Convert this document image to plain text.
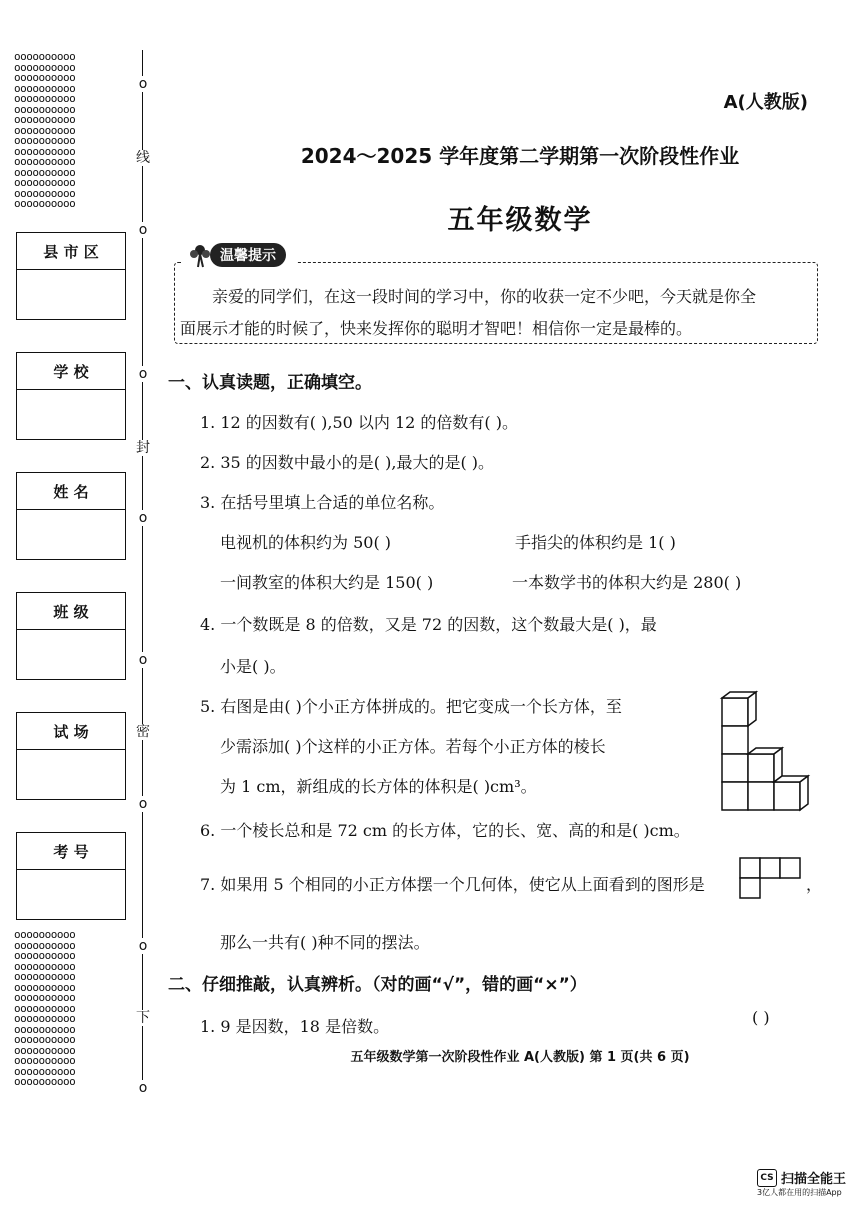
oooooooooo
oooooooooo
oooooooooo
oooooooooo
oooooooooo
oooooooooo
oooooooooo
oooooooooo
oooooooooo
oooooooooo
oooooooooo
oooooooooo
oooooooooo
oooooooooo
oooooooooo
oooooooooo
oooooooooo
oooooooooo
oooooooooo
oooooooooo
oooooooooo
oooooooooo
oooooooooo
oooooooooo
oooooooooo
oooooooooo
oooooooooo
oooooooooo
oooooooooo
oooooooooo
o
线
o
o
封
o
o
密
o
o
下
o
县 市 区
学 校
姓 名
班 级
试 场
考 号
A(人教版)
2024～2025 学年度第二学期第一次阶段性作业
五年级数学
温馨提示
亲爱的同学们，在这一段时间的学习中，你的收获一定不少吧，今天就是你全
面展示才能的时候了，快来发挥你的聪明才智吧！相信你一定是最棒的。
一、认真读题，正确填空。
1. 12 的因数有( ),50 以内 12 的倍数有( )。
2. 35 的因数中最小的是( ),最大的是( )。
3. 在括号里填上合适的单位名称。
电视机的体积约为 50( )	手指尖的体积约是 1( )
一间教室的体积大约是 150( )	一本数学书的体积大约是 280( )
4. 一个数既是 8 的倍数，又是 72 的因数，这个数最大是( )，最
小是( )。
5. 右图是由( )个小正方体拼成的。把它变成一个长方体，至
少需添加( )个这样的小正方体。若每个小正方体的棱长
为 1 cm，新组成的长方体的体积是( )cm³。
6. 一个棱长总和是 72 cm 的长方体，它的长、宽、高的和是( )cm。
7. 如果用 5 个相同的小正方体摆一个几何体，使它从上面看到的图形是	，
那么一共有( )种不同的摆法。
二、仔细推敲，认真辨析。（对的画“√”，错的画“×”）
1. 9 是因数，18 是倍数。	( )
五年级数学第一次阶段性作业 A(人教版) 第 1 页(共 6 页)
CS 扫描全能王
3亿人都在用的扫描App
